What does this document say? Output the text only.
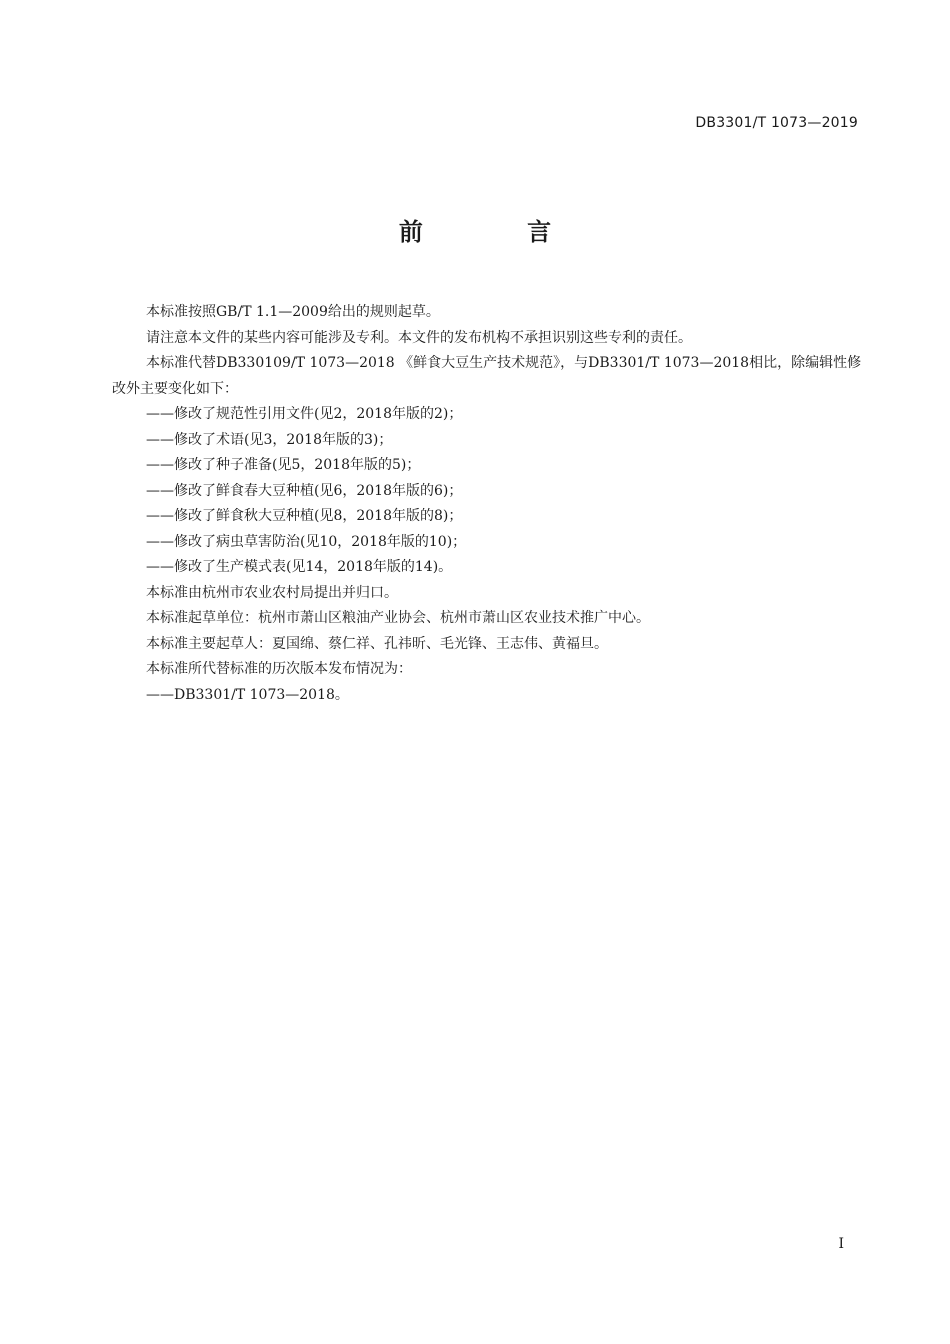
DB3301/T 1073—2019
前 言

本标准按照GB/T 1.1—2009给出的规则起草。

请注意本文件的某些内容可能涉及专利。本文件的发布机构不承担识别这些专利的责任。

本标准代替DB330109/T 1073—2018 《鲜食大豆生产技术规范》，与DB3301/T 1073—2018相比，除编辑性修改外主要变化如下：

——修改了规范性引用文件(见2，2018年版的2)；

——修改了术语(见3，2018年版的3)；

——修改了种子准备(见5，2018年版的5)；

——修改了鲜食春大豆种植(见6，2018年版的6)；

——修改了鲜食秋大豆种植(见8，2018年版的8)；

——修改了病虫草害防治(见10，2018年版的10)；

——修改了生产模式表(见14，2018年版的14)。

本标准由杭州市农业农村局提出并归口。

本标准起草单位：杭州市萧山区粮油产业协会、杭州市萧山区农业技术推广中心。

本标准主要起草人：夏国绵、蔡仁祥、孔祎昕、毛光锋、王志伟、黄福旦。

本标准所代替标准的历次版本发布情况为：

——DB3301/T 1073—2018。

I
